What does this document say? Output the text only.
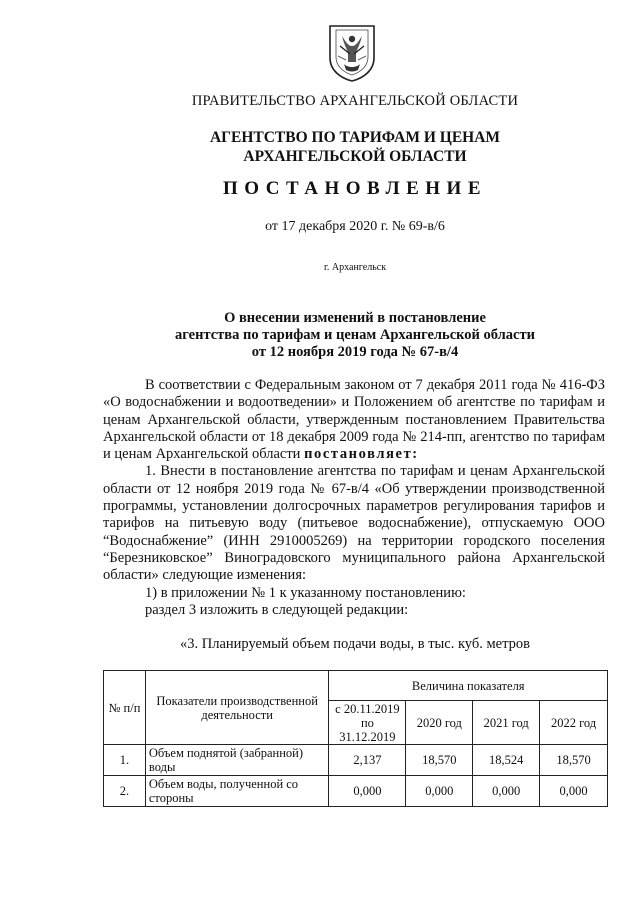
ПРАВИТЕЛЬСТВО АРХАНГЕЛЬСКОЙ ОБЛАСТИ
АГЕНТСТВО ПО ТАРИФАМ И ЦЕНАМ
АРХАНГЕЛЬСКОЙ ОБЛАСТИ
ПОСТАНОВЛЕНИЕ
от 17 декабря 2020 г. № 69-в/6
г. Архангельск
О внесении изменений в постановление
агентства по тарифам и ценам Архангельской области
от 12 ноября 2019 года № 67-в/4

В соответствии с Федеральным законом от 7 декабря 2011 года № 416-ФЗ «О водоснабжении и водоотведении» и Положением об агентстве по тарифам и ценам Архангельской области, утвержденным постановлением Правительства Архангельской области от 18 декабря 2009 года № 214-пп, агентство по тарифам и ценам Архангельской области постановляет:

1. Внести в постановление агентства по тарифам и ценам Архангельской области от 12 ноября 2019 года № 67-в/4 «Об утверждении производственной программы, установлении долгосрочных параметров регулирования тарифов и тарифов на питьевую воду (питьевое водоснабжение), отпускаемую ООО “Водоснабжение” (ИНН 2910005269) на территории городского поселения “Березниковское” Виноградовского муниципального района Архангельской области» следующие изменения:

1) в приложении № 1 к указанному постановлению:

раздел 3 изложить в следующей редакции:

«3. Планируемый объем подачи воды, в тыс. куб. метров
№ п/п	Показатели производственной деятельности	Величина показателя			
		с 20.11.2019 по 31.12.2019	2020 год	2021 год	2022 год
1.	Объем поднятой (забранной) воды	2,137	18,570	18,524	18,570
2.	Объем воды, полученной со стороны	0,000	0,000	0,000	0,000
